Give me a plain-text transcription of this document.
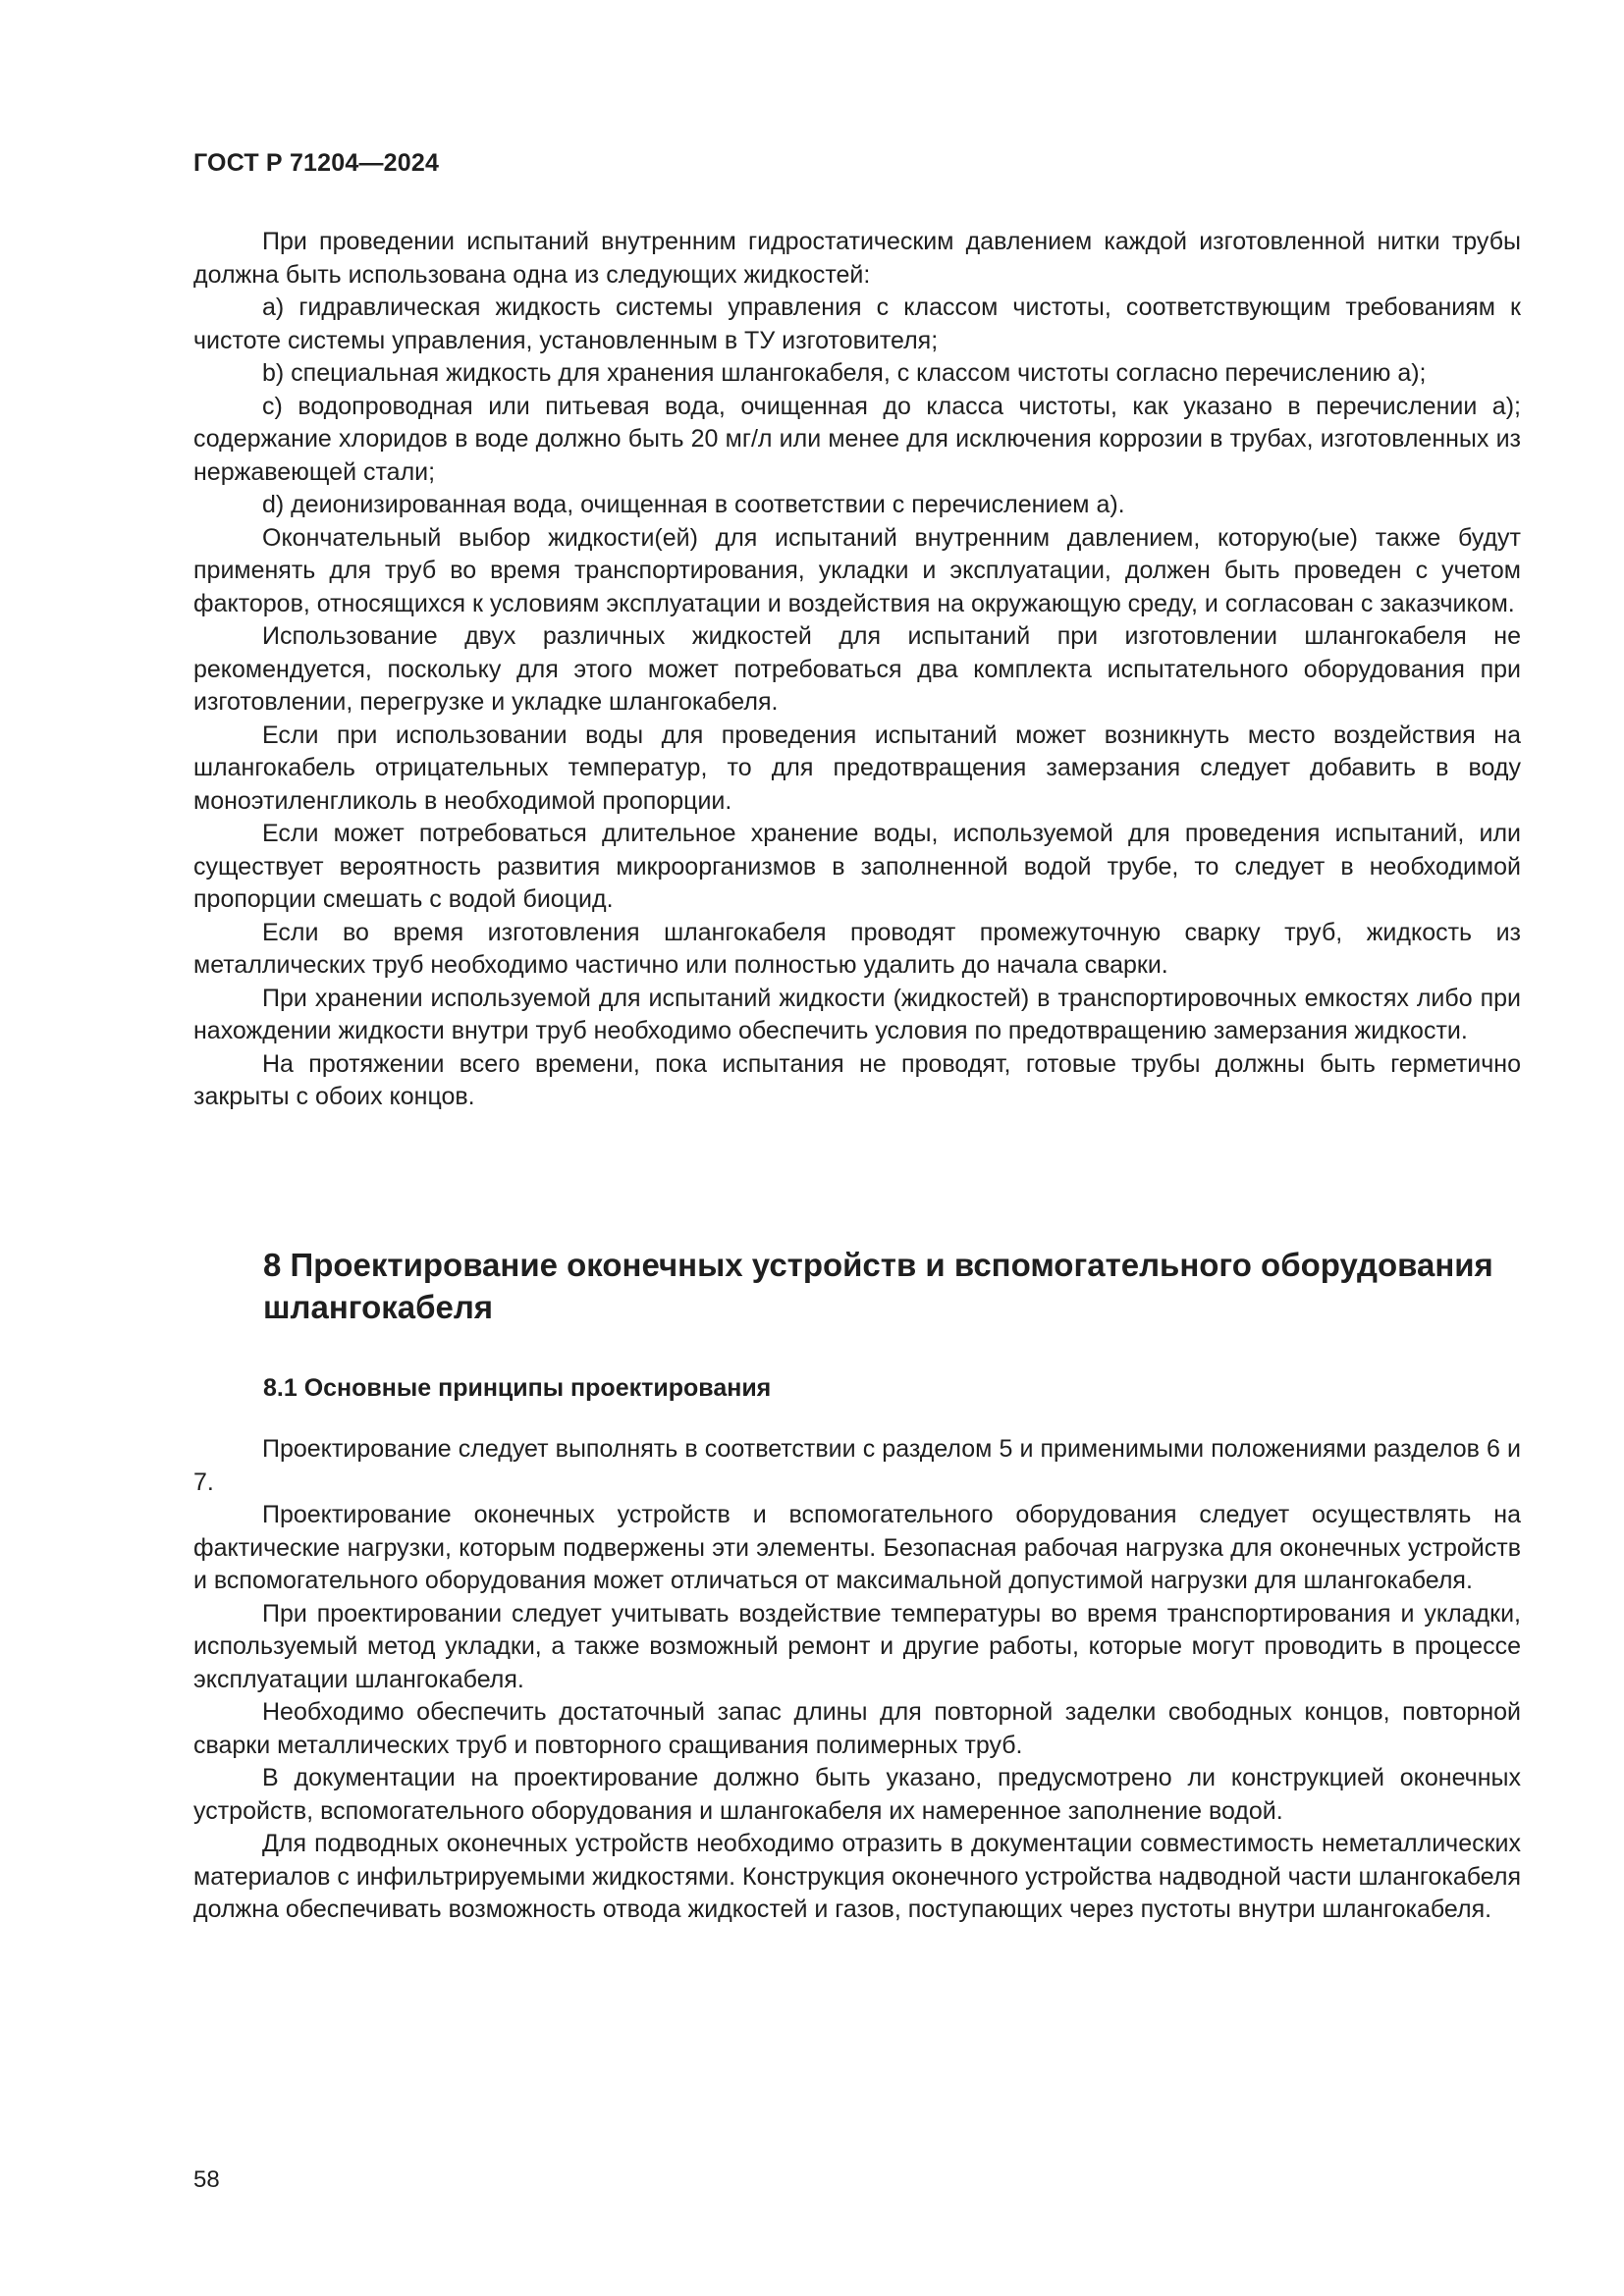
ГОСТ Р 71204—2024

При проведении испытаний внутренним гидростатическим давлением каждой изготовленной нитки трубы должна быть использована одна из следующих жидкостей:

a) гидравлическая жидкость системы управления с классом чистоты, соответствующим требованиям к чистоте системы управления, установленным в ТУ изготовителя;

b) специальная жидкость для хранения шлангокабеля, с классом чистоты согласно перечислению a);

c) водопроводная или питьевая вода, очищенная до класса чистоты, как указано в перечислении a); содержание хлоридов в воде должно быть 20 мг/л или менее для исключения коррозии в трубах, изготовленных из нержавеющей стали;

d) деионизированная вода, очищенная в соответствии с перечислением a).

Окончательный выбор жидкости(ей) для испытаний внутренним давлением, которую(ые) также будут применять для труб во время транспортирования, укладки и эксплуатации, должен быть проведен с учетом факторов, относящихся к условиям эксплуатации и воздействия на окружающую среду, и согласован с заказчиком.

Использование двух различных жидкостей для испытаний при изготовлении шлангокабеля не рекомендуется, поскольку для этого может потребоваться два комплекта испытательного оборудования при изготовлении, перегрузке и укладке шлангокабеля.

Если при использовании воды для проведения испытаний может возникнуть место воздействия на шлангокабель отрицательных температур, то для предотвращения замерзания следует добавить в воду моноэтиленгликоль в необходимой пропорции.

Если может потребоваться длительное хранение воды, используемой для проведения испытаний, или существует вероятность развития микроорганизмов в заполненной водой трубе, то следует в необходимой пропорции смешать с водой биоцид.

Если во время изготовления шлангокабеля проводят промежуточную сварку труб, жидкость из металлических труб необходимо частично или полностью удалить до начала сварки.

При хранении используемой для испытаний жидкости (жидкостей) в транспортировочных емкостях либо при нахождении жидкости внутри труб необходимо обеспечить условия по предотвращению замерзания жидкости.

На протяжении всего времени, пока испытания не проводят, готовые трубы должны быть герметично закрыты с обоих концов.

8 Проектирование оконечных устройств и вспомогательного оборудования шлангокабеля
8.1 Основные принципы проектирования

Проектирование следует выполнять в соответствии с разделом 5 и применимыми положениями разделов 6 и 7.

Проектирование оконечных устройств и вспомогательного оборудования следует осуществлять на фактические нагрузки, которым подвержены эти элементы. Безопасная рабочая нагрузка для оконечных устройств и вспомогательного оборудования может отличаться от максимальной допустимой нагрузки для шлангокабеля.

При проектировании следует учитывать воздействие температуры во время транспортирования и укладки, используемый метод укладки, а также возможный ремонт и другие работы, которые могут проводить в процессе эксплуатации шлангокабеля.

Необходимо обеспечить достаточный запас длины для повторной заделки свободных концов, повторной сварки металлических труб и повторного сращивания полимерных труб.

В документации на проектирование должно быть указано, предусмотрено ли конструкцией оконечных устройств, вспомогательного оборудования и шлангокабеля их намеренное заполнение водой.

Для подводных оконечных устройств необходимо отразить в документации совместимость неметаллических материалов с инфильтрируемыми жидкостями. Конструкция оконечного устройства надводной части шлангокабеля должна обеспечивать возможность отвода жидкостей и газов, поступающих через пустоты внутри шлангокабеля.

58
